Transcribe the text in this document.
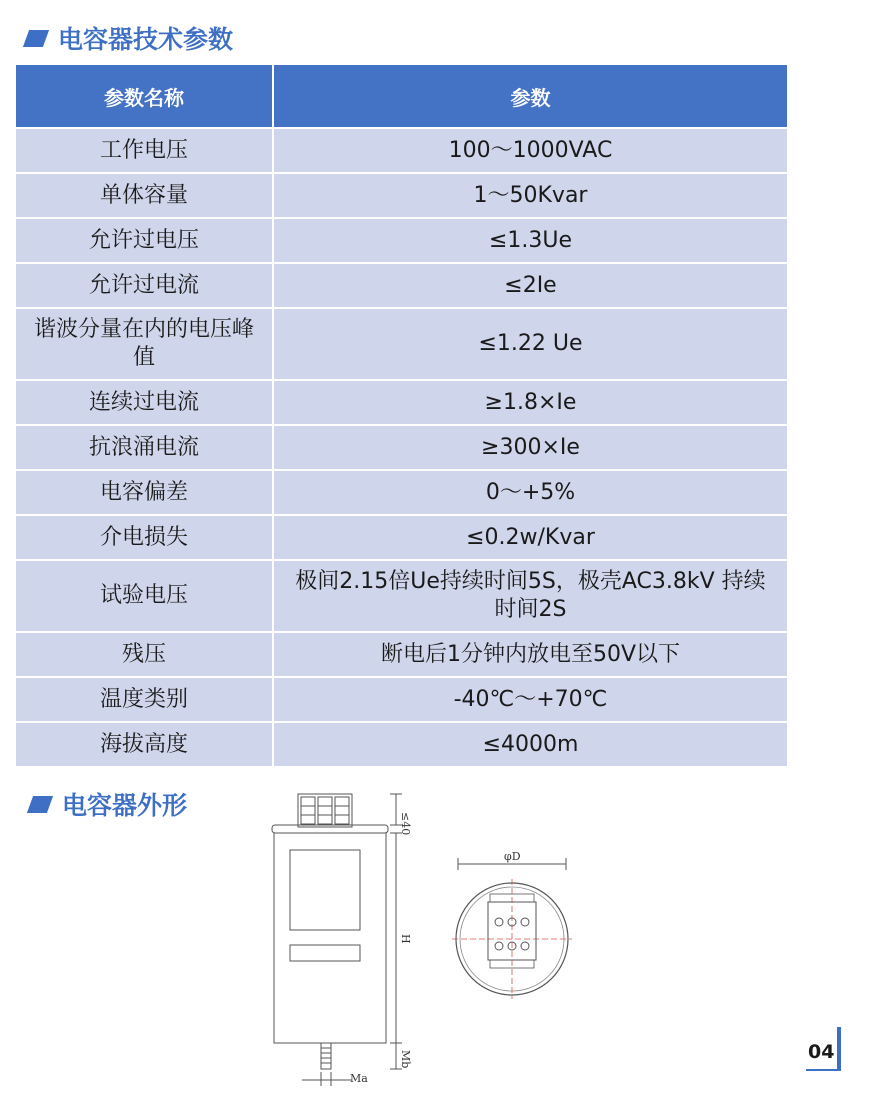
电容器技术参数
参数名称	参数
工作电压	100～1000VAC
单体容量	1～50Kvar
允许过电压	≤1.3Ue
允许过电流	≤2Ie
谐波分量在内的电压峰值	≤1.22 Ue
连续过电流	≥1.8×Ie
抗浪涌电流	≥300×Ie
电容偏差	0～+5%
介电损失	≤0.2w/Kvar
试验电压	极间2.15倍Ue持续时间5S，极壳AC3.8kV 持续时间2S
残压	断电后1分钟内放电至50V以下
温度类别	-40℃～+70℃
海拔高度	≤4000m
电容器外形
≤40
H
Mb
Ma
φD
04
